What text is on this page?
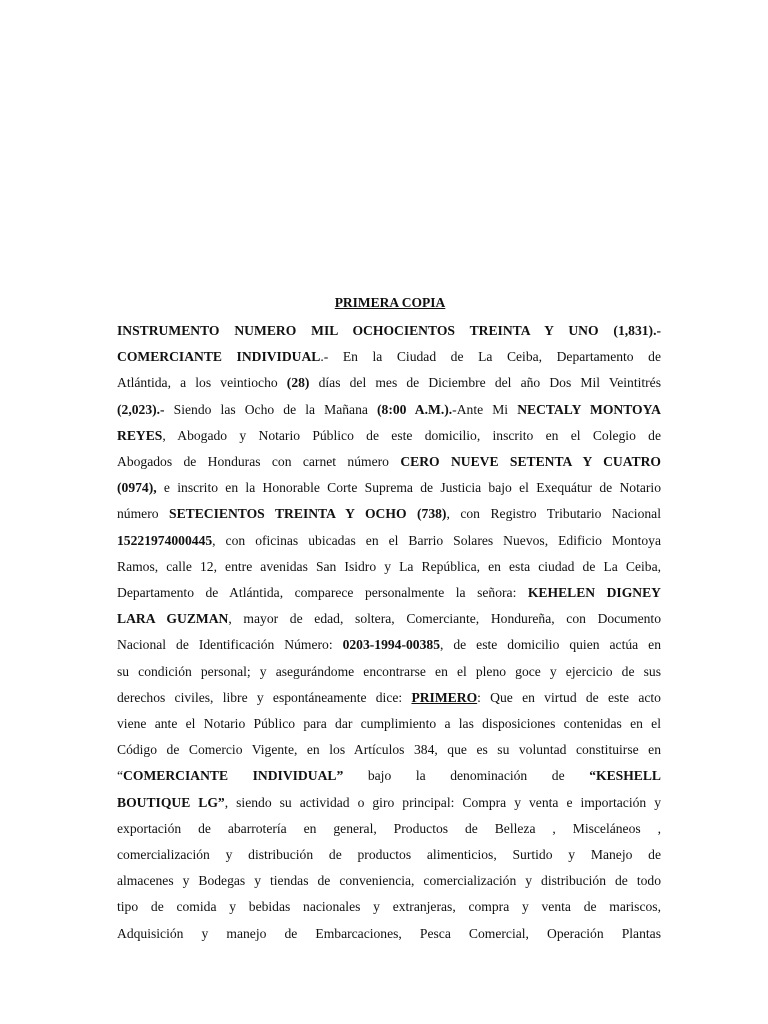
PRIMERA COPIA
INSTRUMENTO NUMERO MIL OCHOCIENTOS TREINTA Y UNO (1,831).-
COMERCIANTE INDIVIDUAL.- En la Ciudad de La Ceiba, Departamento de
Atlántida, a los veintiocho (28) días del mes de Diciembre del año Dos Mil Veintitrés
(2,023).- Siendo las Ocho de la Mañana (8:00 A.M.).-Ante Mi NECTALY MONTOYA
REYES, Abogado y Notario Público de este domicilio, inscrito en el Colegio de
Abogados de Honduras con carnet número CERO NUEVE SETENTA Y CUATRO
(0974), e inscrito en la Honorable Corte Suprema de Justicia bajo el Exequátur de Notario
número SETECIENTOS TREINTA Y OCHO (738), con Registro Tributario Nacional
15221974000445, con oficinas ubicadas en el Barrio Solares Nuevos, Edificio Montoya
Ramos, calle 12, entre avenidas San Isidro y La República, en esta ciudad de La Ceiba,
Departamento de Atlántida, comparece personalmente la señora: KEHELEN DIGNEY
LARA GUZMAN, mayor de edad, soltera, Comerciante, Hondureña, con Documento
Nacional de Identificación Número: 0203-1994-00385, de este domicilio quien actúa en
su condición personal; y asegurándome encontrarse en el pleno goce y ejercicio de sus
derechos civiles, libre y espontáneamente dice: PRIMERO: Que en virtud de este acto
viene ante el Notario Público para dar cumplimiento a las disposiciones contenidas en el
Código de Comercio Vigente, en los Artículos 384, que es su voluntad constituirse en
“COMERCIANTE INDIVIDUAL” bajo la denominación de “KESHELL
BOUTIQUE LG”, siendo su actividad o giro principal: Compra y venta e importación y
exportación de abarrotería en general, Productos de Belleza , Misceláneos ,
comercialización y distribución de productos alimenticios, Surtido y Manejo de
almacenes y Bodegas y tiendas de conveniencia, comercialización y distribución de todo
tipo de comida y bebidas nacionales y extranjeras, compra y venta de mariscos,
Adquisición y manejo de Embarcaciones, Pesca Comercial, Operación Plantas
